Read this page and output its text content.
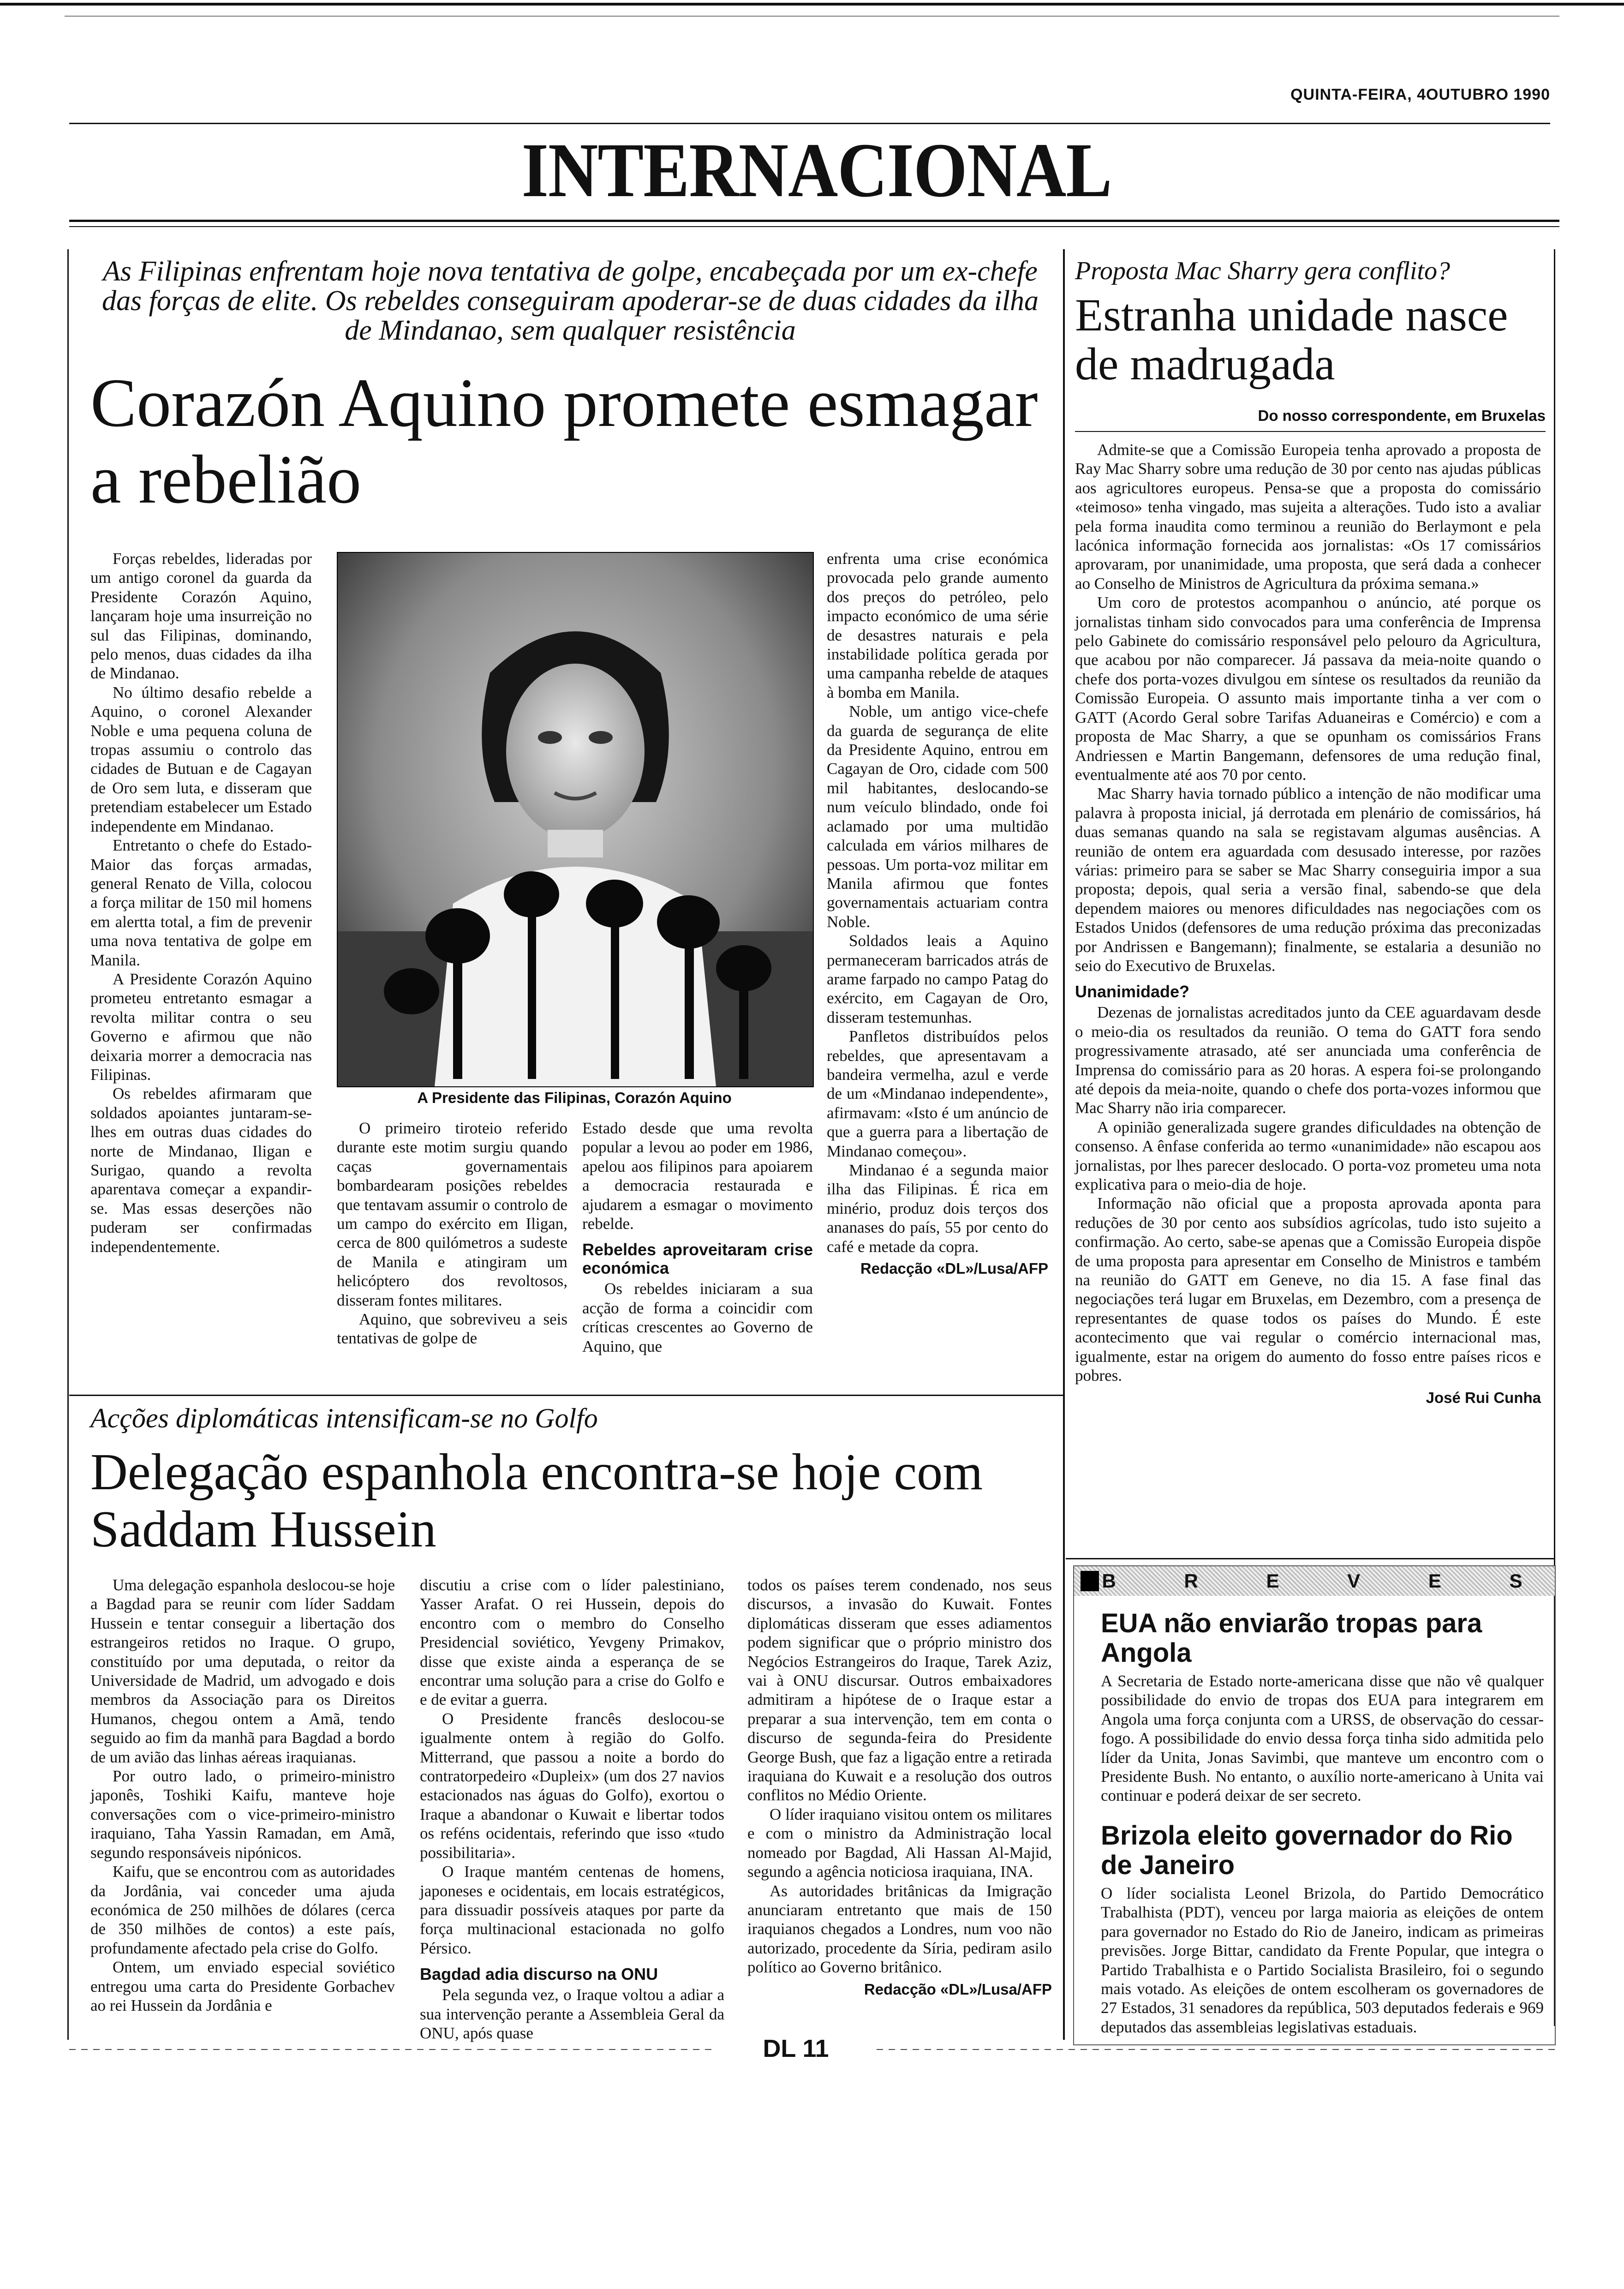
QUINTA-FEIRA, 4OUTUBRO 1990
INTERNACIONAL
As Filipinas enfrentam hoje nova tentativa de golpe, encabeçada por um ex-chefe das forças de elite. Os rebeldes conseguiram apoderar-se de duas cidades da ilha de Mindanao, sem qualquer resistência
Corazón Aquino promete esmagar a rebelião

Forças rebeldes, lideradas por um antigo coronel da guarda da Presidente Corazón Aquino, lançaram hoje uma insurreição no sul das Filipinas, dominando, pelo menos, duas cidades da ilha de Mindanao.

No último desafio rebelde a Aquino, o coronel Alexander Noble e uma pequena coluna de tropas assumiu o controlo das cidades de Butuan e de Cagayan de Oro sem luta, e disseram que pretendiam estabelecer um Estado independente em Mindanao.

Entretanto o chefe do Estado-Maior das forças armadas, general Renato de Villa, colocou a força militar de 150 mil homens em alertta total, a fim de prevenir uma nova tentativa de golpe em Manila.

A Presidente Corazón Aquino prometeu entretanto esmagar a revolta militar contra o seu Governo e afirmou que não deixaria morrer a democracia nas Filipinas.

Os rebeldes afirmaram que soldados apoiantes juntaram-se-lhes em outras duas cidades do norte de Mindanao, Iligan e Surigao, quando a revolta aparentava começar a expandir-se. Mas essas deserções não puderam ser confirmadas independentemente.

A Presidente das Filipinas, Corazón Aquino

O primeiro tiroteio referido durante este motim surgiu quando caças governamentais bombardearam posições rebeldes que tentavam assumir o controlo de um campo do exército em Iligan, cerca de 800 quilómetros a sudeste de Manila e atingiram um helicóptero dos revoltosos, disseram fontes militares.

Aquino, que sobreviveu a seis tentativas de golpe de

Estado desde que uma revolta popular a levou ao poder em 1986, apelou aos filipinos para apoiarem a democracia restaurada e ajudarem a esmagar o movimento rebelde.

Rebeldes aproveitaram crise económica

Os rebeldes iniciaram a sua acção de forma a coincidir com críticas crescentes ao Governo de Aquino, que

enfrenta uma crise económica provocada pelo grande aumento dos preços do petróleo, pelo impacto económico de uma série de desastres naturais e pela instabilidade política gerada por uma campanha rebelde de ataques à bomba em Manila.

Noble, um antigo vice-chefe da guarda de segurança de elite da Presidente Aquino, entrou em Cagayan de Oro, cidade com 500 mil habitantes, deslocando-se num veículo blindado, onde foi aclamado por uma multidão calculada em vários milhares de pessoas. Um porta-voz militar em Manila afirmou que fontes governamentais actuariam contra Noble.

Soldados leais a Aquino permaneceram barricados atrás de arame farpado no campo Patag do exército, em Cagayan de Oro, disseram testemunhas.

Panfletos distribuídos pelos rebeldes, que apresentavam a bandeira vermelha, azul e verde de um «Mindanao independente», afirmavam: «Isto é um anúncio de que a guerra para a libertação de Mindanao começou».

Mindanao é a segunda maior ilha das Filipinas. É rica em minério, produz dois terços dos ananases do país, 55 por cento do café e metade da copra.

Redacção «DL»/Lusa/AFP
Proposta Mac Sharry gera conflito?
Estranha unidade nasce de madrugada
Do nosso correspondente, em Bruxelas

Admite-se que a Comissão Europeia tenha aprovado a proposta de Ray Mac Sharry sobre uma redução de 30 por cento nas ajudas públicas aos agricultores europeus. Pensa-se que a proposta do comissário «teimoso» tenha vingado, mas sujeita a alterações. Tudo isto a avaliar pela forma inaudita como terminou a reunião do Berlaymont e pela lacónica informação fornecida aos jornalistas: «Os 17 comissários aprovaram, por unanimidade, uma proposta, que será dada a conhecer ao Conselho de Ministros de Agricultura da próxima semana.»

Um coro de protestos acompanhou o anúncio, até porque os jornalistas tinham sido convocados para uma conferência de Imprensa pelo Gabinete do comissário responsável pelo pelouro da Agricultura, que acabou por não comparecer. Já passava da meia-noite quando o chefe dos porta-vozes divulgou em síntese os resultados da reunião da Comissão Europeia. O assunto mais importante tinha a ver com o GATT (Acordo Geral sobre Tarifas Aduaneiras e Comércio) e com a proposta de Mac Sharry, a que se opunham os comissários Frans Andriessen e Martin Bangemann, defensores de uma redução final, eventualmente até aos 70 por cento.

Mac Sharry havia tornado público a intenção de não modificar uma palavra à proposta inicial, já derrotada em plenário de comissários, há duas semanas quando na sala se registavam algumas ausências. A reunião de ontem era aguardada com desusado interesse, por razões várias: primeiro para se saber se Mac Sharry conseguiria impor a sua proposta; depois, qual seria a versão final, sabendo-se que dela dependem maiores ou menores dificuldades nas negociações com os Estados Unidos (defensores de uma redução próxima das preconizadas por Andrissen e Bangemann); finalmente, se estalaria a desunião no seio do Executivo de Bruxelas.

Unanimidade?

Dezenas de jornalistas acreditados junto da CEE aguardavam desde o meio-dia os resultados da reunião. O tema do GATT fora sendo progressivamente atrasado, até ser anunciada uma conferência de Imprensa do comissário para as 20 horas. A espera foi-se prolongando até depois da meia-noite, quando o chefe dos porta-vozes informou que Mac Sharry não iria comparecer.

A opinião generalizada sugere grandes dificuldades na obtenção de consenso. A ênfase conferida ao termo «unanimidade» não escapou aos jornalistas, por lhes parecer deslocado. O porta-voz prometeu uma nota explicativa para o meio-dia de hoje.

Informação não oficial que a proposta aprovada aponta para reduções de 30 por cento aos subsídios agrícolas, tudo isto sujeito a confirmação. Ao certo, sabe-se apenas que a Comissão Europeia dispõe de uma proposta para apresentar em Conselho de Ministros e também na reunião do GATT em Geneve, no dia 15. A fase final das negociações terá lugar em Bruxelas, em Dezembro, com a presença de representantes de quase todos os países do Mundo. É este acontecimento que vai regular o comércio internacional mas, igualmente, estar na origem do aumento do fosso entre países ricos e pobres.

José Rui Cunha
Acções diplomáticas intensificam-se no Golfo
Delegação espanhola encontra-se hoje com Saddam Hussein

Uma delegação espanhola deslocou-se hoje a Bagdad para se reunir com líder Saddam Hussein e tentar conseguir a libertação dos estrangeiros retidos no Iraque. O grupo, constituído por uma deputada, o reitor da Universidade de Madrid, um advogado e dois membros da Associação para os Direitos Humanos, chegou ontem a Amã, tendo seguido ao fim da manhã para Bagdad a bordo de um avião das linhas aéreas iraquianas.

Por outro lado, o primeiro-ministro japonês, Toshiki Kaifu, manteve hoje conversações com o vice-primeiro-ministro iraquiano, Taha Yassin Ramadan, em Amã, segundo responsáveis nipónicos.

Kaifu, que se encontrou com as autoridades da Jordânia, vai conceder uma ajuda económica de 250 milhões de dólares (cerca de 350 milhões de contos) a este país, profundamente afectado pela crise do Golfo.

Ontem, um enviado especial soviético entregou uma carta do Presidente Gorbachev ao rei Hussein da Jordânia e

discutiu a crise com o líder palestiniano, Yasser Arafat. O rei Hussein, depois do encontro com o membro do Conselho Presidencial soviético, Yevgeny Primakov, disse que existe ainda a esperança de se encontrar uma solução para a crise do Golfo e e de evitar a guerra.

O Presidente francês deslocou-se igualmente ontem à região do Golfo. Mitterrand, que passou a noite a bordo do contratorpedeiro «Dupleix» (um dos 27 navios estacionados nas águas do Golfo), exortou o Iraque a abandonar o Kuwait e libertar todos os reféns ocidentais, referindo que isso «tudo possibilitaria».

O Iraque mantém centenas de homens, japoneses e ocidentais, em locais estratégicos, para dissuadir possíveis ataques por parte da força multinacional estacionada no golfo Pérsico.

Bagdad adia discurso na ONU

Pela segunda vez, o Iraque voltou a adiar a sua intervenção perante a Assembleia Geral da ONU, após quase

todos os países terem condenado, nos seus discursos, a invasão do Kuwait. Fontes diplomáticas disseram que esses adiamentos podem significar que o próprio ministro dos Negócios Estrangeiros do Iraque, Tarek Aziz, vai à ONU discursar. Outros embaixadores admitiram a hipótese de o Iraque estar a preparar a sua intervenção, tem em conta o discurso de segunda-feira do Presidente George Bush, que faz a ligação entre a retirada iraquiana do Kuwait e a resolução dos outros conflitos no Médio Oriente.

O líder iraquiano visitou ontem os militares e com o ministro da Administração local nomeado por Bagdad, Ali Hassan Al-Majid, segundo a agência noticiosa iraquiana, INA.

As autoridades britânicas da Imigração anunciaram entretanto que mais de 150 iraquianos chegados a Londres, num voo não autorizado, procedente da Síria, pediram asilo político ao Governo britânico.

Redacção «DL»/Lusa/AFP
B R E V E S
EUA não enviarão tropas para Angola
A Secretaria de Estado norte-americana disse que não vê qualquer possibilidade do envio de tropas dos EUA para integrarem em Angola uma força conjunta com a URSS, de observação do cessar-fogo. A possibilidade do envio dessa força tinha sido admitida pelo líder da Unita, Jonas Savimbi, que manteve um encontro com o Presidente Bush. No entanto, o auxílio norte-americano à Unita vai continuar e poderá deixar de ser secreto.
Brizola eleito governador do Rio de Janeiro
O líder socialista Leonel Brizola, do Partido Democrático Trabalhista (PDT), venceu por larga maioria as eleições de ontem para governador no Estado do Rio de Janeiro, indicam as primeiras previsões. Jorge Bittar, candidato da Frente Popular, que integra o Partido Trabalhista e o Partido Socialista Brasileiro, foi o segundo mais votado. As eleições de ontem escolheram os governadores de 27 Estados, 31 senadores da república, 503 deputados federais e 969 deputados das assembleias legislativas estaduais.
DL 11
